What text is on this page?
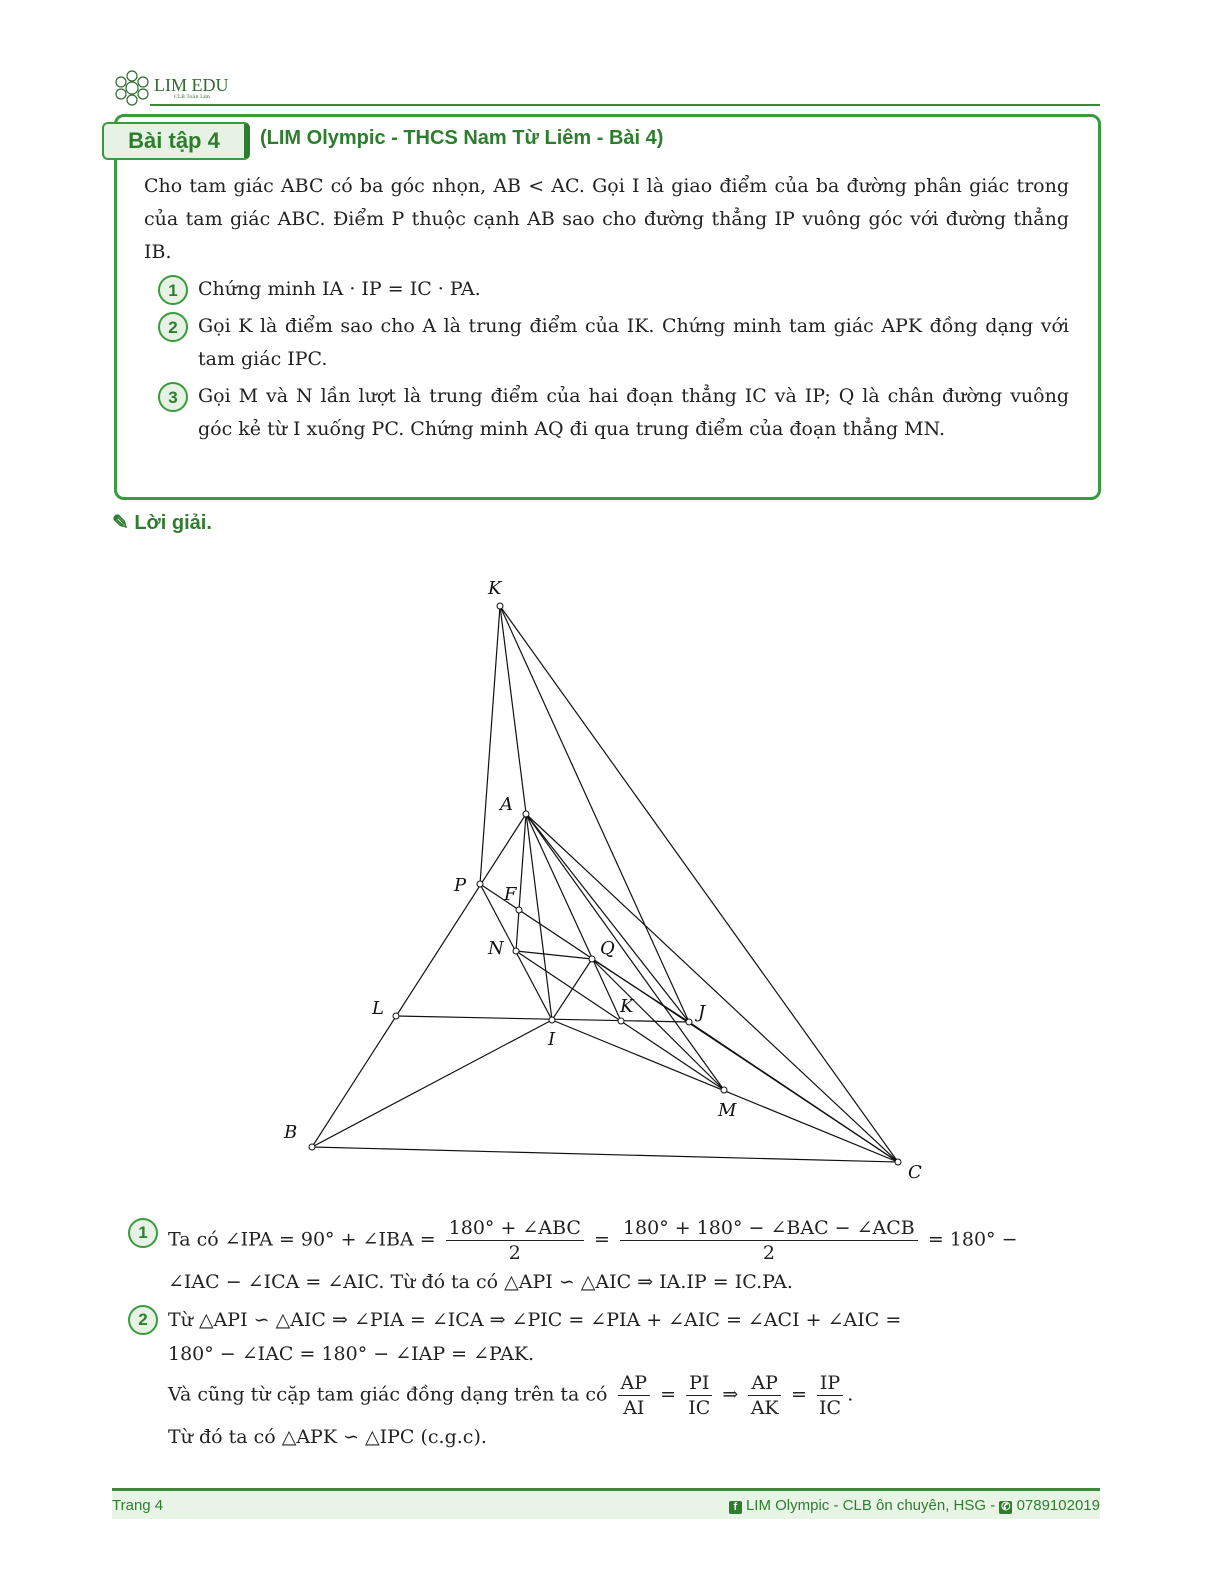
LIM EDU
CLB Toán Lim
Bài tập 4	(LIM Olympic - THCS Nam Từ Liêm - Bài 4)
Cho tam giác ABC có ba góc nhọn, AB < AC. Gọi I là giao điểm của ba đường phân giác trong của tam giác ABC. Điểm P thuộc cạnh AB sao cho đường thẳng IP vuông góc với đường thẳng IB.
1	Chứng minh IA · IP = IC · PA.
2	Gọi K là điểm sao cho A là trung điểm của IK. Chứng minh tam giác APK đồng dạng với tam giác IPC.
3	Gọi M và N lần lượt là trung điểm của hai đoạn thẳng IC và IP; Q là chân đường vuông góc kẻ từ I xuống PC. Chứng minh AQ đi qua trung điểm của đoạn thẳng MN.
✎ Lời giải.
K
A
P F
N	Q
L
I
K	J
M
B
C
1	Ta có ∠IPA = 90° + ∠IBA = $\frac{\text{180° + ∠ABC}}{2} = \frac{\text{180° + 180° − ∠BAC − ∠ACB}}{2} = 180^\circ$ −
∠IAC − ∠ICA = ∠AIC. Từ đó ta có △API ∽ △AIC ⇒ IA.IP = IC.PA.
2	Từ △API ∽ △AIC ⇒ ∠PIA = ∠ICA ⇒ ∠PIC = ∠PIA + ∠AIC = ∠ACI + ∠AIC =
180° − ∠IAC = 180° − ∠IAP = ∠PAK.
Và cũng từ cặp tam giác đồng dạng trên ta có $\frac{AP}{AI} = \frac{PI}{IC}$ ⇒ $\frac{AP}{AK} = \frac{IP}{IC}$ .
Từ đó ta có △APK ∽ △IPC (c.g.c).
Trang 4	f LIM Olympic - CLB ôn chuyên, HSG - ✆ 0789102019
